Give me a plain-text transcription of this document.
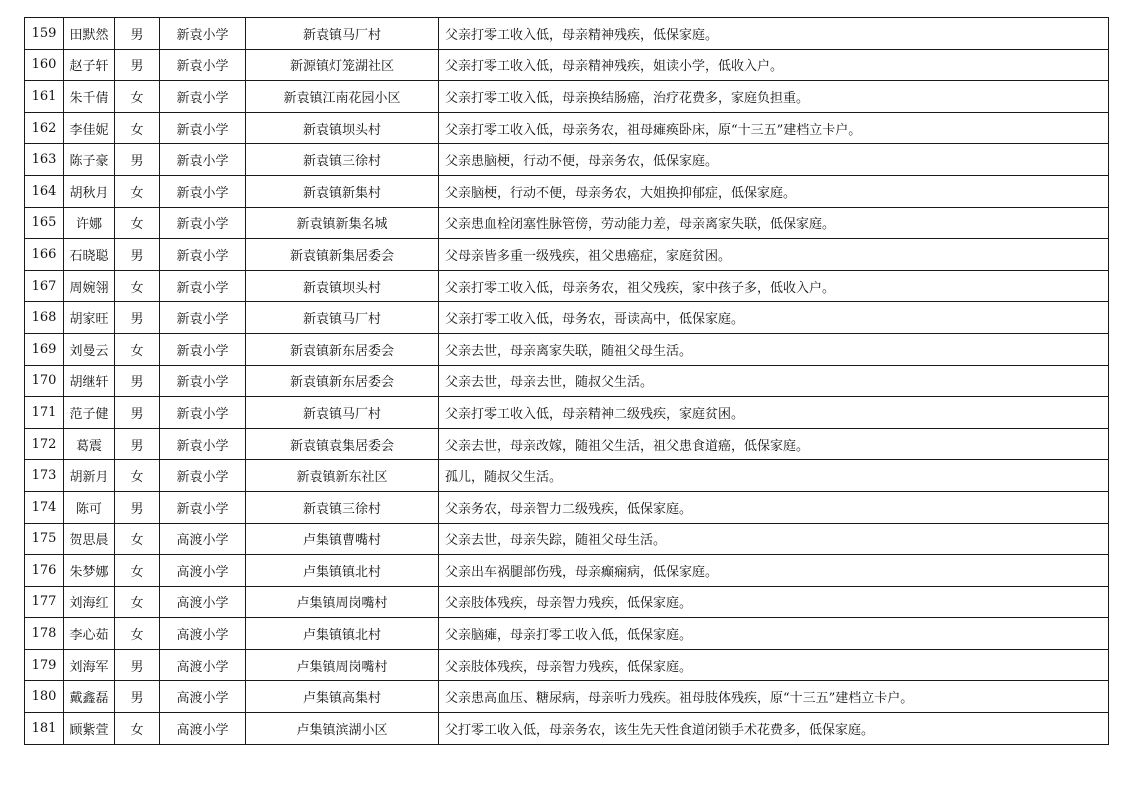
159	田默然	男	新袁小学	新袁镇马厂村	父亲打零工收入低，母亲精神残疾，低保家庭。
160	赵子轩	男	新袁小学	新源镇灯笼湖社区	父亲打零工收入低，母亲精神残疾，姐读小学，低收入户。
161	朱千倩	女	新袁小学	新袁镇江南花园小区	父亲打零工收入低，母亲换结肠癌，治疗花费多，家庭负担重。
162	李佳妮	女	新袁小学	新袁镇坝头村	父亲打零工收入低，母亲务农，祖母瘫痪卧床，原“十三五”建档立卡户。
163	陈子豪	男	新袁小学	新袁镇三徐村	父亲患脑梗，行动不便，母亲务农，低保家庭。
164	胡秋月	女	新袁小学	新袁镇新集村	父亲脑梗，行动不便，母亲务农，大姐换抑郁症，低保家庭。
165	许娜	女	新袁小学	新袁镇新集名城	父亲患血栓闭塞性脉管傍，劳动能力差，母亲离家失联，低保家庭。
166	石晓聪	男	新袁小学	新袁镇新集居委会	父母亲皆多重一级残疾，祖父患癌症，家庭贫困。
167	周婉翎	女	新袁小学	新袁镇坝头村	父亲打零工收入低，母亲务农，祖父残疾，家中孩子多，低收入户。
168	胡家旺	男	新袁小学	新袁镇马厂村	父亲打零工收入低，母务农，哥读高中，低保家庭。
169	刘曼云	女	新袁小学	新袁镇新东居委会	父亲去世，母亲离家失联，随祖父母生活。
170	胡继轩	男	新袁小学	新袁镇新东居委会	父亲去世，母亲去世，随叔父生活。
171	范子健	男	新袁小学	新袁镇马厂村	父亲打零工收入低，母亲精神二级残疾，家庭贫困。
172	葛震	男	新袁小学	新袁镇袁集居委会	父亲去世，母亲改嫁，随祖父生活，祖父患食道癌，低保家庭。
173	胡新月	女	新袁小学	新袁镇新东社区	孤儿，随叔父生活。
174	陈可	男	新袁小学	新袁镇三徐村	父亲务农，母亲智力二级残疾，低保家庭。
175	贺思晨	女	高渡小学	卢集镇曹嘴村	父亲去世，母亲失踪，随祖父母生活。
176	朱梦娜	女	高渡小学	卢集镇镇北村	父亲出车祸腿部伤残，母亲癫痫病，低保家庭。
177	刘海红	女	高渡小学	卢集镇周岗嘴村	父亲肢体残疾，母亲智力残疾，低保家庭。
178	李心茹	女	高渡小学	卢集镇镇北村	父亲脑瘫，母亲打零工收入低，低保家庭。
179	刘海军	男	高渡小学	卢集镇周岗嘴村	父亲肢体残疾，母亲智力残疾，低保家庭。
180	戴鑫磊	男	高渡小学	卢集镇高集村	父亲患高血压、糖尿病，母亲听力残疾。祖母肢体残疾，原“十三五”建档立卡户。
181	顾紫萱	女	高渡小学	卢集镇滨湖小区	父打零工收入低，母亲务农，该生先天性食道闭锁手术花费多，低保家庭。
